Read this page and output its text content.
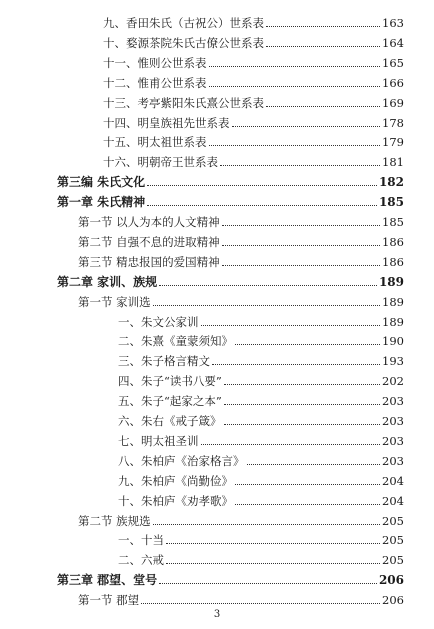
九、香田朱氏（古祝公）世系表	163
十、婺源茶院朱氏古僚公世系表	164
十一、惟则公世系表	165
十二、惟甫公世系表	166
十三、考亭紫阳朱氏熹公世系表	169
十四、明皇族祖先世系表	178
十五、明太祖世系表	179
十六、明朝帝王世系表	181
第三编 朱氏文化	182
第一章 朱氏精神	185
第一节 以人为本的人文精神	185
第二节 自强不息的进取精神	186
第三节 精忠报国的爱国精神	186
第二章 家训、族规	189
第一节 家训选	189
一、朱文公家训	189
二、朱熹《童蒙须知》	190
三、朱子格言精文	193
四、朱子“读书八要”	202
五、朱子“起家之本”	203
六、朱右《戒子箴》	203
七、明太祖圣训	203
八、朱柏庐《治家格言》	203
九、朱柏庐《尚勤俭》	204
十、朱柏庐《劝孝歌》	204
第二节 族规选	205
一、十当	205
二、六戒	205
第三章 郡望、堂号	206
第一节 郡望	206
3
